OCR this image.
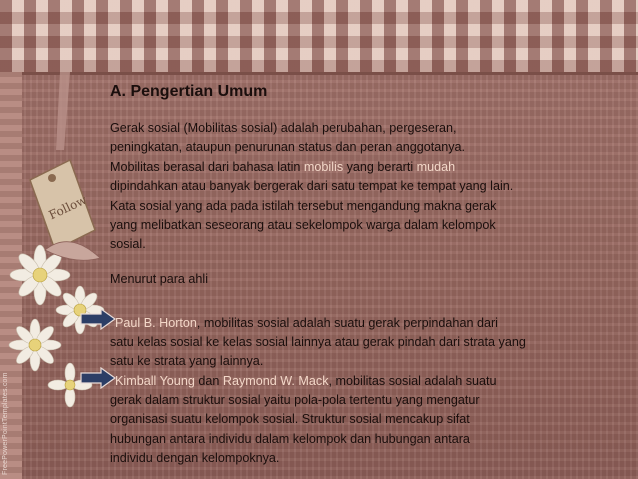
Follow
FreePowerPointTemplates.com
A. Pengertian Umum

Gerak sosial (Mobilitas sosial) adalah perubahan, pergeseran,
peningkatan, ataupun penurunan status dan peran anggotanya.
Mobilitas berasal dari bahasa latin mobilis yang berarti mudah
dipindahkan atau banyak bergerak dari satu tempat ke tempat yang lain.
Kata sosial yang ada pada istilah tersebut mengandung makna gerak
yang melibatkan seseorang atau sekelompok warga dalam kelompok
sosial.

Menurut para ahli

Paul B. Horton, mobilitas sosial adalah suatu gerak perpindahan dari
satu kelas sosial ke kelas sosial lainnya atau gerak pindah dari strata yang
satu ke strata yang lainnya.
Kimball Young dan Raymond W. Mack, mobilitas sosial adalah suatu
gerak dalam struktur sosial yaitu pola-pola tertentu yang mengatur
organisasi suatu kelompok sosial. Struktur sosial mencakup sifat
hubungan antara individu dalam kelompok dan hubungan antara
individu dengan kelompoknya.
